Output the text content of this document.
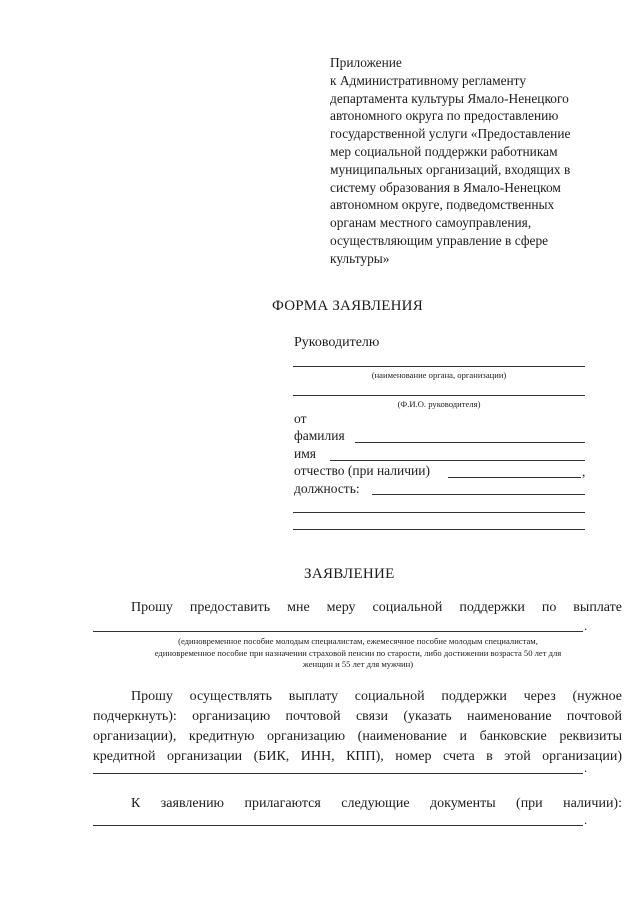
Приложение
к Административному регламенту
департамента культуры Ямало-Ненецкого
автономного округа по предоставлению
государственной услуги «Предоставление
мер социальной поддержки работникам
муниципальных организаций, входящих в
систему образования в Ямало-Ненецком
автономном округе, подведомственных
органам местного самоуправления,
осуществляющим управление в сфере
культуры»
ФОРМА ЗАЯВЛЕНИЯ
Руководителю
(наименование органа, организации)
(Ф.И.О. руководителя)
от
фамилия
имя
отчество (при наличии)	,
должность:
ЗАЯВЛЕНИЕ
Прошу предоставить мне меру социальной поддержки по выплате
.
(единовременное пособие молодым специалистам, ежемесячное пособие молодым специалистам,
единовременное пособие при назначении страховой пенсии по старости, либо достижении возраста 50 лет для
женщин и 55 лет для мужчин)
Прошу осуществлять выплату социальной поддержки через (нужное
подчеркнуть): организацию почтовой связи (указать наименование почтовой
организации), кредитную организацию (наименование и банковские реквизиты
кредитной организации (БИК, ИНН, КПП), номер счета в этой организации)
.
К заявлению прилагаются следующие документы (при наличии):
.
